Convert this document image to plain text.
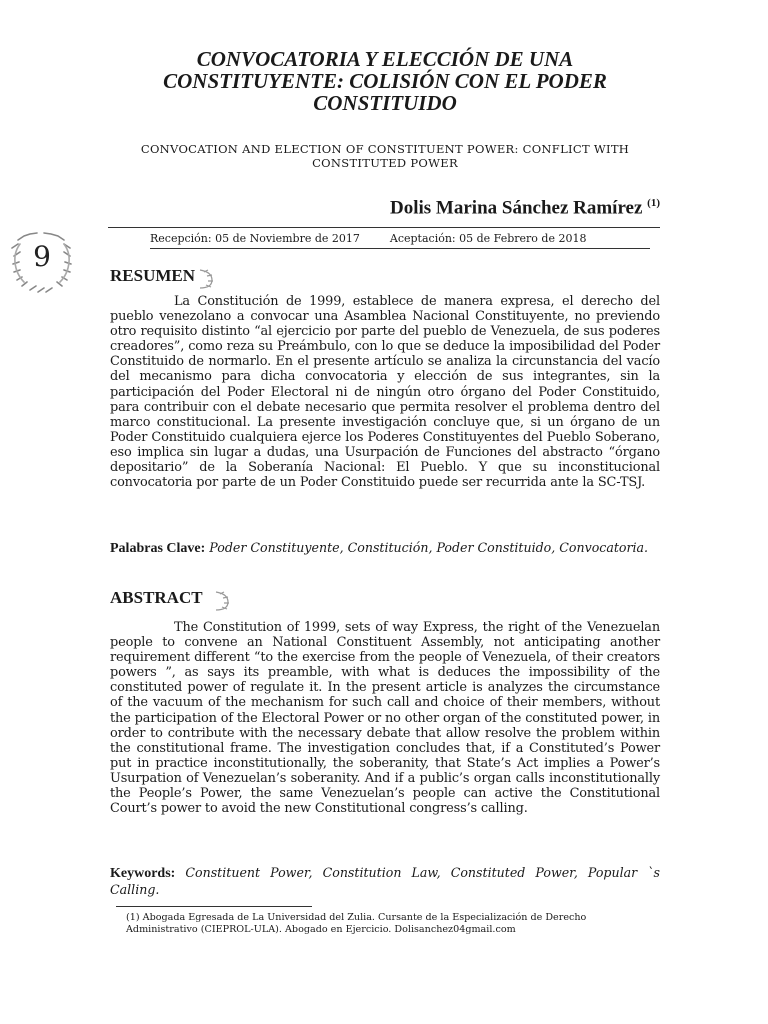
9
CONVOCATORIA Y ELECCIÓN DE UNA CONSTITUYENTE: COLISIÓN CON EL PODER CONSTITUIDO

CONVOCATION AND ELECTION OF CONSTITUENT POWER: CONFLICT WITH CONSTITUTED POWER

Dolis Marina Sánchez Ramírez $^{(1)}$
Recepción: 05 de Noviembre de 2017	Aceptación: 05 de Febrero de 2018
RESUMEN

La Constitución de 1999, establece de manera expresa, el derecho del pueblo venezolano a convocar una Asamblea Nacional Constituyente, no previendo otro requisito distinto “al ejercicio por parte del pueblo de Venezuela, de sus poderes creadores”, como reza su Preámbulo, con lo que se deduce la imposibilidad del Poder Constituido de normarlo. En el presente artículo se analiza la circunstancia del vacío del mecanismo para dicha convocatoria y elección de sus integrantes, sin la participación del Poder Electoral ni de ningún otro órgano del Poder Constituido, para contribuir con el debate necesario que permita resolver el problema dentro del marco constitucional. La presente investigación concluye que, si un órgano de un Poder Constituido cualquiera ejerce los Poderes Constituyentes del Pueblo Soberano, eso implica sin lugar a dudas, una Usurpación de Funciones del abstracto “órgano depositario” de la Soberanía Nacional: El Pueblo. Y que su inconstitucional convocatoria por parte de un Poder Constituido puede ser recurrida ante la SC-TSJ.

Palabras Clave: Poder Constituyente, Constitución, Poder Constituido, Convocatoria.

ABSTRACT

The Constitution of 1999, sets of way Express, the right of the Venezuelan people to convene an National Constituent Assembly, not anticipating another requirement different “to the exercise from the people of Venezuela, of their creators powers ”, as says its preamble, with what is deduces the impossibility of the constituted power of regulate it. In the present article is analyzes the circumstance of the vacuum of the mechanism for such call and choice of their members, without the participation of the Electoral Power or no other organ of the constituted power, in order to contribute with the necessary debate that allow resolve the problem within the constitutional frame. The investigation concludes that, if a Constituted’s Power put in practice inconstitutionally, the soberanity, that State’s Act implies a Power’s Usurpation of Venezuelan’s soberanity. And if a public’s organ calls inconstitutionally the People’s Power, the same Venezuelan’s people can active the Constitutional Court’s power to avoid the new Constitutional congress’s calling.

Keywords: Constituent Power, Constitution Law, Constituted Power, Popular `s Calling.

(1) Abogada Egresada de La Universidad del Zulia. Cursante de la Especialización de Derecho Administrativo (CIEPROL-ULA). Abogado en Ejercicio. Dolisanchez04gmail.com
